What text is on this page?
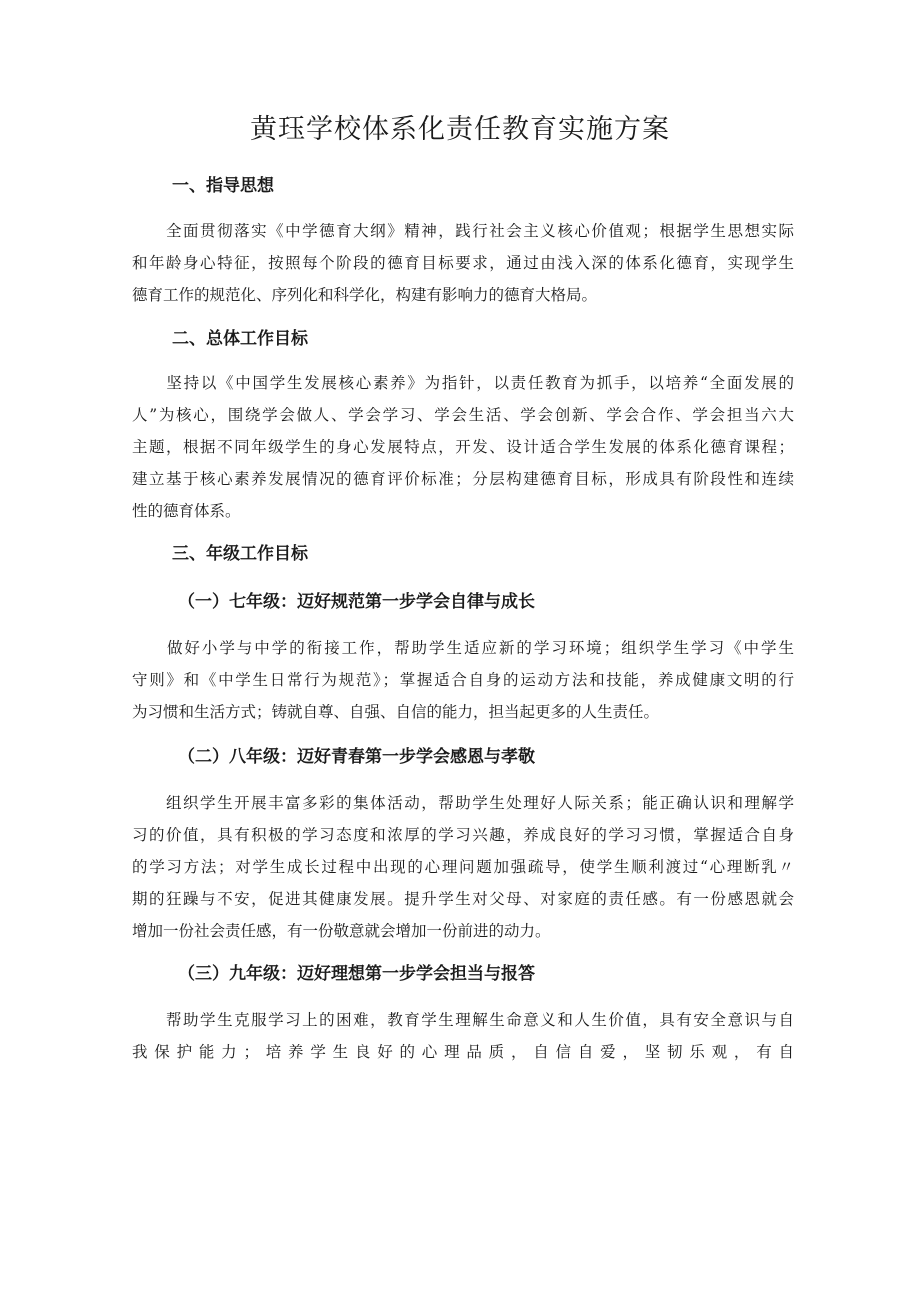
黄珏学校体系化责任教育实施方案
一、指导思想
　　全面贯彻落实《中学德育大纲》精神，践行社会主义核心价值观；根据学生思想实际
和年龄身心特征，按照每个阶段的德育目标要求，通过由浅入深的体系化德育，实现学生
德育工作的规范化、序列化和科学化，构建有影响力的德育大格局。
二、总体工作目标
　　坚持以《中国学生发展核心素养》为指针，以责任教育为抓手，以培养“全面发展的
人”为核心，围绕学会做人、学会学习、学会生活、学会创新、学会合作、学会担当六大
主题，根据不同年级学生的身心发展特点，开发、设计适合学生发展的体系化德育课程；
建立基于核心素养发展情况的德育评价标准；分层构建德育目标，形成具有阶段性和连续
性的德育体系。
三、年级工作目标
（一）七年级：迈好规范第一步学会自律与成长
　　做好小学与中学的衔接工作，帮助学生适应新的学习环境；组织学生学习《中学生
守则》和《中学生日常行为规范》；掌握适合自身的运动方法和技能，养成健康文明的行
为习惯和生活方式；铸就自尊、自强、自信的能力，担当起更多的人生责任。
（二）八年级：迈好青春第一步学会感恩与孝敬
　　组织学生开展丰富多彩的集体活动，帮助学生处理好人际关系；能正确认识和理解学
习的价值，具有积极的学习态度和浓厚的学习兴趣，养成良好的学习习惯，掌握适合自身
的学习方法；对学生成长过程中出现的心理问题加强疏导，使学生顺利渡过“心理断乳〃
期的狂躁与不安，促进其健康发展。提升学生对父母、对家庭的责任感。有一份感恩就会
增加一份社会责任感，有一份敬意就会增加一份前进的动力。
（三）九年级：迈好理想第一步学会担当与报答
　　帮助学生克服学习上的困难，教育学生理解生命意义和人生价值，具有安全意识与自
我保护能力；培养学生良好的心理品质，自信自爱，坚韧乐观，有自
